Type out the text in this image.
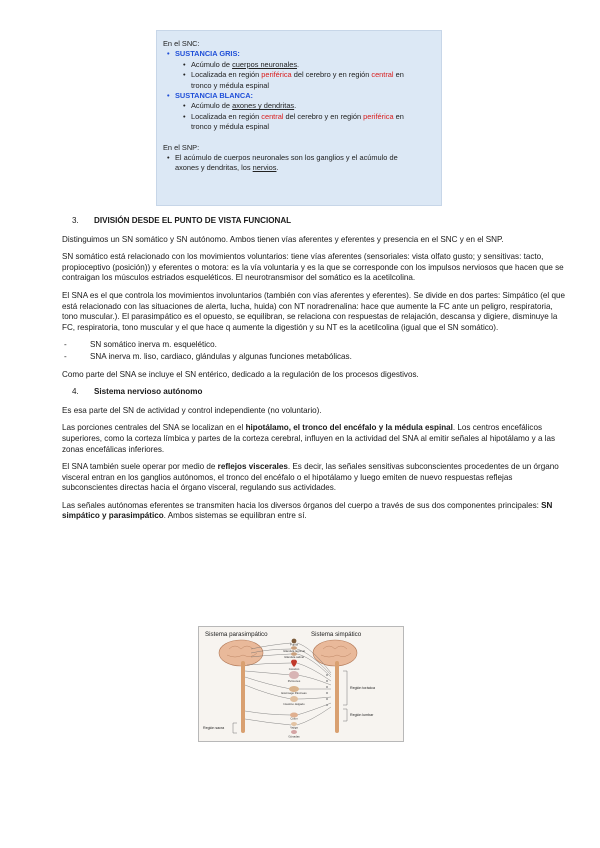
En el SNC:
• SUSTANCIA GRIS:
• Acúmulo de cuerpos neuronales.
• Localizada en región periférica del cerebro y en región central en
tronco y médula espinal
• SUSTANCIA BLANCA:
• Acúmulo de axones y dendritas.
• Localizada en región central del cerebro y en región periférica en
tronco y médula espinal
En el SNP:
• El acúmulo de cuerpos neuronales son los ganglios y el acúmulo de
axones y dendritas, los nervios.
3. DIVISIÓN DESDE EL PUNTO DE VISTA FUNCIONAL

Distinguimos un SN somático y SN autónomo. Ambos tienen vías aferentes y eferentes y presencia en el SNC y en el SNP.

SN somático está relacionado con los movimientos voluntarios: tiene vías aferentes (sensoriales: vista olfato gusto; y sensitivas: tacto, propioceptivo (posición)) y eferentes o motora: es la vía voluntaria y es la que se corresponde con los impulsos nerviosos que hacen que se contraigan los músculos estriados esqueléticos. El neurotransmisor del somático es la acetilcolina.

El SNA es el que controla los movimientos involuntarios (también con vías aferentes y eferentes). Se divide en dos partes: Simpático (el que está relacionado con las situaciones de alerta, lucha, huida) con NT noradrenalina: hace que aumente la FC ante un peligro, respiratoria, tono muscular.). El parasimpático es el opuesto, se equilibran, se relaciona con respuestas de relajación, descansa y digiere, disminuye la FC, respiratoria, tono muscular y el que hace q aumente la digestión y su NT es la acetilcolina (igual que el SN somático).

- SN somático inerva m. esquelético.
- SNA inerva m. liso, cardiaco, glándulas y algunas funciones metabólicas.

Como parte del SNA se incluye el SN entérico, dedicado a la regulación de los procesos digestivos.

4. Sistema nervioso autónomo

Es esa parte del SN de actividad y control independiente (no voluntario).

Las porciones centrales del SNA se localizan en el hipotálamo, el tronco del encéfalo y la médula espinal. Los centros encefálicos superiores, como la corteza límbica y partes de la corteza cerebral, influyen en la actividad del SNA al emitir señales al hipotálamo y a las zonas encefálicas inferiores.

El SNA también suele operar por medio de reflejos viscerales. Es decir, las señales sensitivas subconscientes procedentes de un órgano visceral entran en los ganglios autónomos, el tronco del encéfalo o el hipotálamo y luego emiten de nuevo respuestas reflejas subconscientes directas hacia el órgano visceral, regulando sus actividades.

Las señales autónomas eferentes se transmiten hacia los diversos órganos del cuerpo a través de sus dos componentes principales: SN simpático y parasimpático. Ambos sistemas se equilibran entre sí.

Sistema parasimpático	Sistema simpático
Pupila
Glándula lagrimal
Glándula salival
Corazón
Pulmones
Estómago Páncreas
Intestino delgado
Colon
Vejiga
Gónadas
Región torácica
Región lumbar
Región sacra
